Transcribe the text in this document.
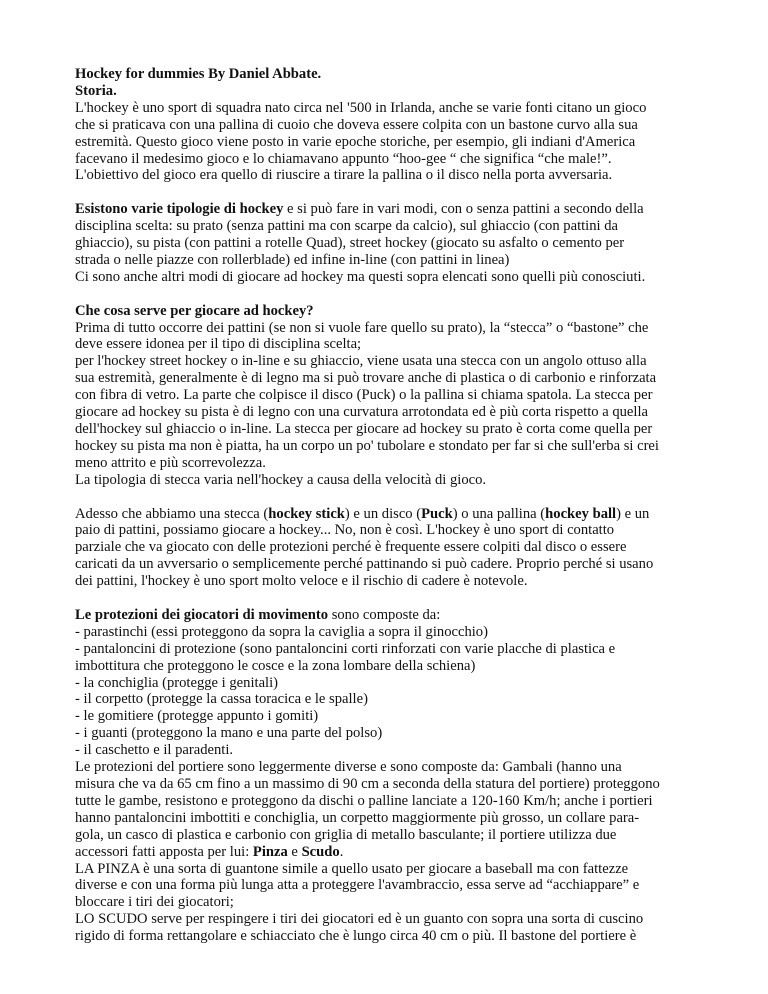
Hockey for dummies By Daniel Abbate.
Storia.
L'hockey è uno sport di squadra nato circa nel '500 in Irlanda, anche se varie fonti citano un gioco
che si praticava con una pallina di cuoio che doveva essere colpita con un bastone curvo alla sua
estremità. Questo gioco viene posto in varie epoche storiche, per esempio, gli indiani d'America
facevano il medesimo gioco e lo chiamavano appunto “hoo-gee “ che significa “che male!”.
L'obiettivo del gioco era quello di riuscire a tirare la pallina o il disco nella porta avversaria.
Esistono varie tipologie di hockey e si può fare in vari modi, con o senza pattini a secondo della
disciplina scelta: su prato (senza pattini ma con scarpe da calcio), sul ghiaccio (con pattini da
ghiaccio), su pista (con pattini a rotelle Quad), street hockey (giocato su asfalto o cemento per
strada o nelle piazze con rollerblade) ed infine in-line (con pattini in linea)
Ci sono anche altri modi di giocare ad hockey ma questi sopra elencati sono quelli più conosciuti.
Che cosa serve per giocare ad hockey?
Prima di tutto occorre dei pattini (se non si vuole fare quello su prato), la “stecca” o “bastone” che
deve essere idonea per il tipo di disciplina scelta;
per l'hockey street hockey o in-line e su ghiaccio, viene usata una stecca con un angolo ottuso alla
sua estremità, generalmente è di legno ma si può trovare anche di plastica o di carbonio e rinforzata
con fibra di vetro. La parte che colpisce il disco (Puck) o la pallina si chiama spatola. La stecca per
giocare ad hockey su pista è di legno con una curvatura arrotondata ed è più corta rispetto a quella
dell'hockey sul ghiaccio o in-line. La stecca per giocare ad hockey su prato è corta come quella per
hockey su pista ma non è piatta, ha un corpo un po' tubolare e stondato per far si che sull'erba si crei
meno attrito e più scorrevolezza.
La tipologia di stecca varia nell'hockey a causa della velocità di gioco.
Adesso che abbiamo una stecca (hockey stick) e un disco (Puck) o una pallina (hockey ball) e un
paio di pattini, possiamo giocare a hockey... No, non è così. L'hockey è uno sport di contatto
parziale che va giocato con delle protezioni perché è frequente essere colpiti dal disco o essere
caricati da un avversario o semplicemente perché pattinando si può cadere. Proprio perché si usano
dei pattini, l'hockey è uno sport molto veloce e il rischio di cadere è notevole.
Le protezioni dei giocatori di movimento sono composte da:
- parastinchi (essi proteggono da sopra la caviglia a sopra il ginocchio)
- pantaloncini di protezione (sono pantaloncini corti rinforzati con varie placche di plastica e
imbottitura che proteggono le cosce e la zona lombare della schiena)
- la conchiglia (protegge i genitali)
- il corpetto (protegge la cassa toracica e le spalle)
- le gomitiere (protegge appunto i gomiti)
- i guanti (proteggono la mano e una parte del polso)
- il caschetto e il paradenti.
Le protezioni del portiere sono leggermente diverse e sono composte da: Gambali (hanno una
misura che va da 65 cm fino a un massimo di 90 cm a seconda della statura del portiere) proteggono
tutte le gambe, resistono e proteggono da dischi o palline lanciate a 120-160 Km/h; anche i portieri
hanno pantaloncini imbottiti e conchiglia, un corpetto maggiormente più grosso, un collare para-
gola, un casco di plastica e carbonio con griglia di metallo basculante; il portiere utilizza due
accessori fatti apposta per lui: Pinza e Scudo.
LA PINZA è una sorta di guantone simile a quello usato per giocare a baseball ma con fattezze
diverse e con una forma più lunga atta a proteggere l'avambraccio, essa serve ad “acchiappare” e
bloccare i tiri dei giocatori;
LO SCUDO serve per respingere i tiri dei giocatori ed è un guanto con sopra una sorta di cuscino
rigido di forma rettangolare e schiacciato che è lungo circa 40 cm o più. Il bastone del portiere è
